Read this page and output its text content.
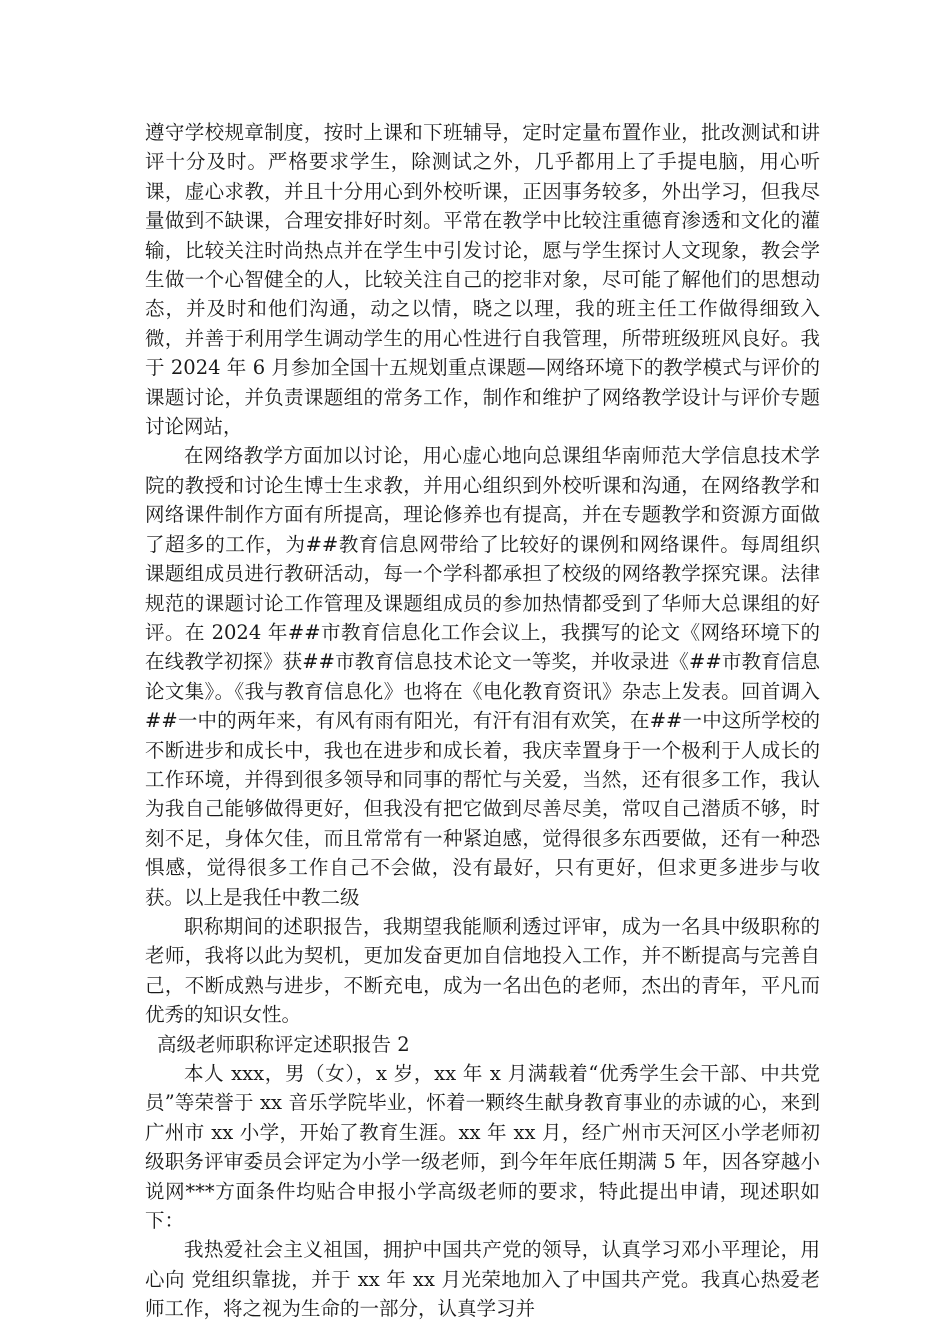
遵守学校规章制度，按时上课和下班辅导，定时定量布置作业，批改测试和讲评十分及时。严格要求学生，除测试之外，几乎都用上了手提电脑，用心听课，虚心求教，并且十分用心到外校听课，正因事务较多，外出学习，但我尽量做到不缺课，合理安排好时刻。平常在教学中比较注重德育渗透和文化的灌输，比较关注时尚热点并在学生中引发讨论，愿与学生探讨人文现象，教会学生做一个心智健全的人，比较关注自己的挖非对象，尽可能了解他们的思想动态，并及时和他们沟通，动之以情，晓之以理，我的班主任工作做得细致入微，并善于利用学生调动学生的用心性进行自我管理，所带班级班风良好。我于 2024 年 6 月参加全国十五规划重点课题—网络环境下的教学模式与评价的课题讨论，并负责课题组的常务工作，制作和维护了网络教学设计与评价专题讨论网站，

在网络教学方面加以讨论，用心虚心地向总课组华南师范大学信息技术学院的教授和讨论生博士生求教，并用心组织到外校听课和沟通，在网络教学和网络课件制作方面有所提高，理论修养也有提高，并在专题教学和资源方面做了超多的工作，为##教育信息网带给了比较好的课例和网络课件。每周组织课题组成员进行教研活动，每一个学科都承担了校级的网络教学探究课。法律规范的课题讨论工作管理及课题组成员的参加热情都受到了华师大总课组的好评。在 2024 年##市教育信息化工作会议上，我撰写的论文《网络环境下的在线教学初探》获##市教育信息技术论文一等奖，并收录进《##市教育信息论文集》。《我与教育信息化》也将在《电化教育资讯》杂志上发表。回首调入##一中的两年来，有风有雨有阳光，有汗有泪有欢笑，在##一中这所学校的不断进步和成长中，我也在进步和成长着，我庆幸置身于一个极利于人成长的工作环境，并得到很多领导和同事的帮忙与关爱，当然，还有很多工作，我认为我自己能够做得更好，但我没有把它做到尽善尽美，常叹自己潜质不够，时刻不足，身体欠佳，而且常常有一种紧迫感，觉得很多东西要做，还有一种恐惧感，觉得很多工作自己不会做，没有最好，只有更好，但求更多进步与收获。以上是我任中教二级

职称期间的述职报告，我期望我能顺利透过评审，成为一名具中级职称的老师，我将以此为契机，更加发奋更加自信地投入工作，并不断提高与完善自己，不断成熟与进步，不断充电，成为一名出色的老师，杰出的青年，平凡而优秀的知识女性。

高级老师职称评定述职报告 2

本人 xxx，男（女），x 岁，xx 年 x 月满载着“优秀学生会干部、中共党员”等荣誉于 xx 音乐学院毕业，怀着一颗终生献身教育事业的赤诚的心，来到广州市 xx 小学，开始了教育生涯。xx 年 xx 月，经广州市天河区小学老师初级职务评审委员会评定为小学一级老师，到今年年底任期满 5 年，因各穿越小说网***方面条件均贴合申报小学高级老师的要求，特此提出申请，现述职如下：

我热爱社会主义祖国，拥护中国共产党的领导，认真学习邓小平理论，用心向 党组织靠拢，并于 xx 年 xx 月光荣地加入了中国共产党。我真心热爱老师工作，将之视为生命的一部分，认真学习并
